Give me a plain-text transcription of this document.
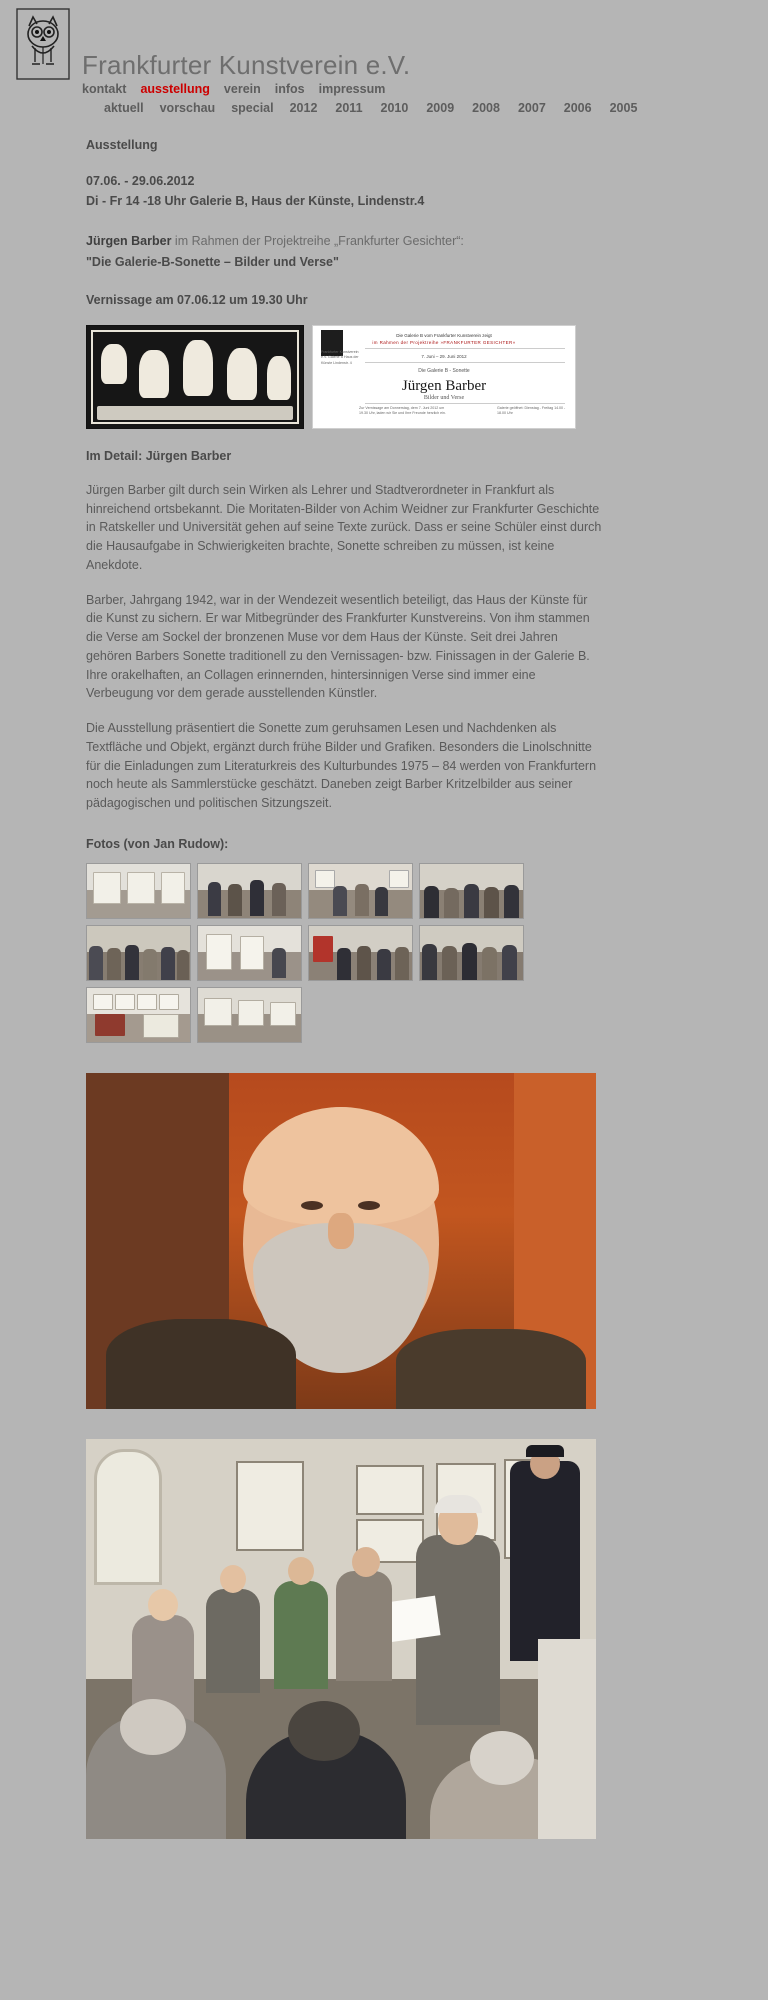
Frankfurter Kunstverein e.V.
kontakt ausstellung verein infos impressum
aktuell vorschau special 2012 2011 2010 2009 2008 2007 2006 2005
Ausstellung
07.06. - 29.06.2012
Di - Fr 14 -18 Uhr Galerie B, Haus der Künste, Lindenstr.4
Jürgen Barber im Rahmen der Projektreihe „Frankfurter Gesichter“:
"Die Galerie-B-Sonette – Bilder und Verse"
Vernissage am 07.06.12 um 19.30 Uhr
Die Galerie B vom Frankfurter Kunstverein zeigt
im Rahmen der Projektreihe »FRANKFURTER GESICHTER«
7. Juni – 29. Juni 2012
Die Galerie B - Sonette
Jürgen Barber
Bilder und Verse
Frankfurter Kunstverein e.V. Galerie B Haus der Künste Lindenstr. 4
Zur Vernissage am Donnerstag, dem 7. Juni 2012 um 19.30 Uhr, laden wir Sie und Ihre Freunde herzlich ein.
Galerie geöffnet: Dienstag - Freitag 14.00 - 18.00 Uhr
Im Detail: Jürgen Barber

Jürgen Barber gilt durch sein Wirken als Lehrer und Stadtverordneter in Frankfurt als hinreichend ortsbekannt. Die Moritaten-Bilder von Achim Weidner zur Frankfurter Geschichte in Ratskeller und Universität gehen auf seine Texte zurück. Dass er seine Schüler einst durch die Hausaufgabe in Schwierigkeiten brachte, Sonette schreiben zu müssen, ist keine Anekdote.

Barber, Jahrgang 1942, war in der Wendezeit wesentlich beteiligt, das Haus der Künste für die Kunst zu sichern. Er war Mitbegründer des Frankfurter Kunstvereins. Von ihm stammen die Verse am Sockel der bronzenen Muse vor dem Haus der Künste. Seit drei Jahren gehören Barbers Sonette traditionell zu den Vernissagen- bzw. Finissagen in der Galerie B. Ihre orakelhaften, an Collagen erinnernden, hintersinnigen Verse sind immer eine Verbeugung vor dem gerade ausstellenden Künstler.

Die Ausstellung präsentiert die Sonette zum geruhsamen Lesen und Nachdenken als Textfläche und Objekt, ergänzt durch frühe Bilder und Grafiken. Besonders die Linolschnitte für die Einladungen zum Literaturkreis des Kulturbundes 1975 – 84 werden von Frankfurtern noch heute als Sammlerstücke geschätzt. Daneben zeigt Barber Kritzelbilder aus seiner pädagogischen und politischen Sitzungszeit.

Fotos (von Jan Rudow):
